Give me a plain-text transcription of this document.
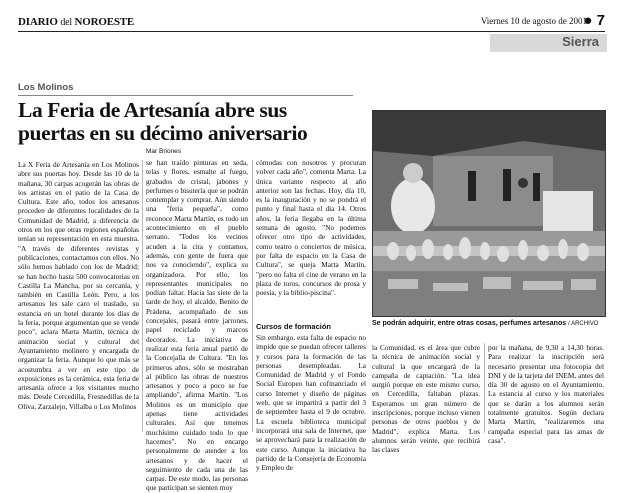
DIARIO del NOROESTE	Viernes 10 de agosto de 2001
● 7
Sierra
Los Molinos
La Feria de Artesanía abre sus puertas en su décimo aniversario
Mar Briones

La X Feria de Artesanía en Los Molinos abre sus puertas hoy. Desde las 10 de la mañana, 30 carpas acogerán las obras de los artistas en el patio de la Casa de Cultura. Este año, todos los artesanos proceden de diferentes localidades de la Comunidad de Madrid, a diferencia de otros en los que otras regiones españolas tenían su representación en esta muestra. "A través de diferentes revistas y publicaciones, contactamos con ellos. No sólo hemos hablado con los de Madrid; se han hecho hasta 500 convocatorias en Castilla La Mancha, por su cercanía, y también en Castilla León. Pero, a los artesanos les sale caro el traslado, su estancia en un hotel durante los días de la feria, porque argumentan que se vende poco", aclara Marta Martín, técnica de animación social y cultural del Ayuntamiento molinero y encargada de organizar la feria. Aunque lo que más se acostumbra a ver en este tipo de exposiciones es la cerámica, esta feria de artesanía ofrece a los visitantes mucho más. Desde Cercedilla, Fresnedillas de la Oliva, Zarzalejo, Villalba o Los Molinos

se han traído pinturas en seda, telas y flores, esmalte al fuego, grabados de cristal, jabones y perfumes o bisutería que se podrán contemplar y comprar. Aún siendo una "feria pequeña", como reconoce Marta Martín, es todo un acontecimiento en el pueblo serrano. "Todos los vecinos acuden a la cita y contamos, además, con gente de fuera que nos va conociendo", explica su organizadora. Por ello, los representantes municipales no podían faltar. Hacia las siete de la tarde de hoy, el alcalde, Benito de Prádena, acompañado de sus concejales, pasará entre jarrones, papel reciclado y marcos decorados. La iniciativa de realizar esta feria anual partió de la Concejalía de Cultura. "En los primeros años, sólo se mostraban al público las obras de nuestros artesanos y poco a poco se fue ampliando", afirma Martín. "Los Molinos es un municipio que apenas tiene actividades culturales. Así que tenemos muchísimo cuidado todo lo que hacemos". No en encargo personalmente de atender a los artesanos y de hacer el seguimiento de cada una de las carpas. De este modo, las personas que participan se sienten muy

cómodas con nosotros y procuran volver cada año", comenta Marta. La única variante respecto al año anterior son las fechas. Hoy, día 10, es la inauguración y no se pondrá el punto y final hasta el día 14. Otros años, la feria llegaba en la última semana de agosto. "No podemos ofrecer otro tipo de actividades, como teatro o conciertos de música, por falta de espacio en la Casa de Cultura", se queja Marta Martín, "pero no falta el cine de verano en la plaza de toros, concursos de prosa y poesía, y la biblio-piscina".

Cursos de formación

Sin embargo, esta falta de espacio no impide que se puedan ofrecer talleres y cursos para la formación de las personas desempleadas. La Comunidad de Madrid y el Fondo Social Europeo han cofinanciado el curso Internet y diseño de páginas web, que se impartirá a partir del 3 de septiembre hasta el 9 de octubre. La escuela biblioteca municipal incorporará una sala de Internet, que se aprovechará para la realización de este curso. Aunque la iniciativa ha partido de la Consejería de Economía y Empleo de

Se podrán adquirir, entre otras cosas, perfumes artesanos / ARCHIVO

la Comunidad, es el área que cubre la técnica de animación social y cultural la que encargará de la campaña de captación. "La idea surgió porque en este mismo curso, en Cercedilla, faltaban plazas. Esperamos un gran número de inscripciones, porque incluso vienen personas de otros pueblos y de Madrid", explica Marta. Los alumnos serán veinte, que recibirá las clases

por la mañana, de 9,30 a 14,30 horas. Para realizar la inscripción será necesario presentar una fotocopia del DNI y de la tarjeta del INEM, antes del día 30 de agosto en el Ayuntamiento. La estancia al curso y los materiales que se darán a los alumnos serán totalmente gratuitos. Según declara Marta Martín, "realizaremos una campaña especial para las amas de casa".
